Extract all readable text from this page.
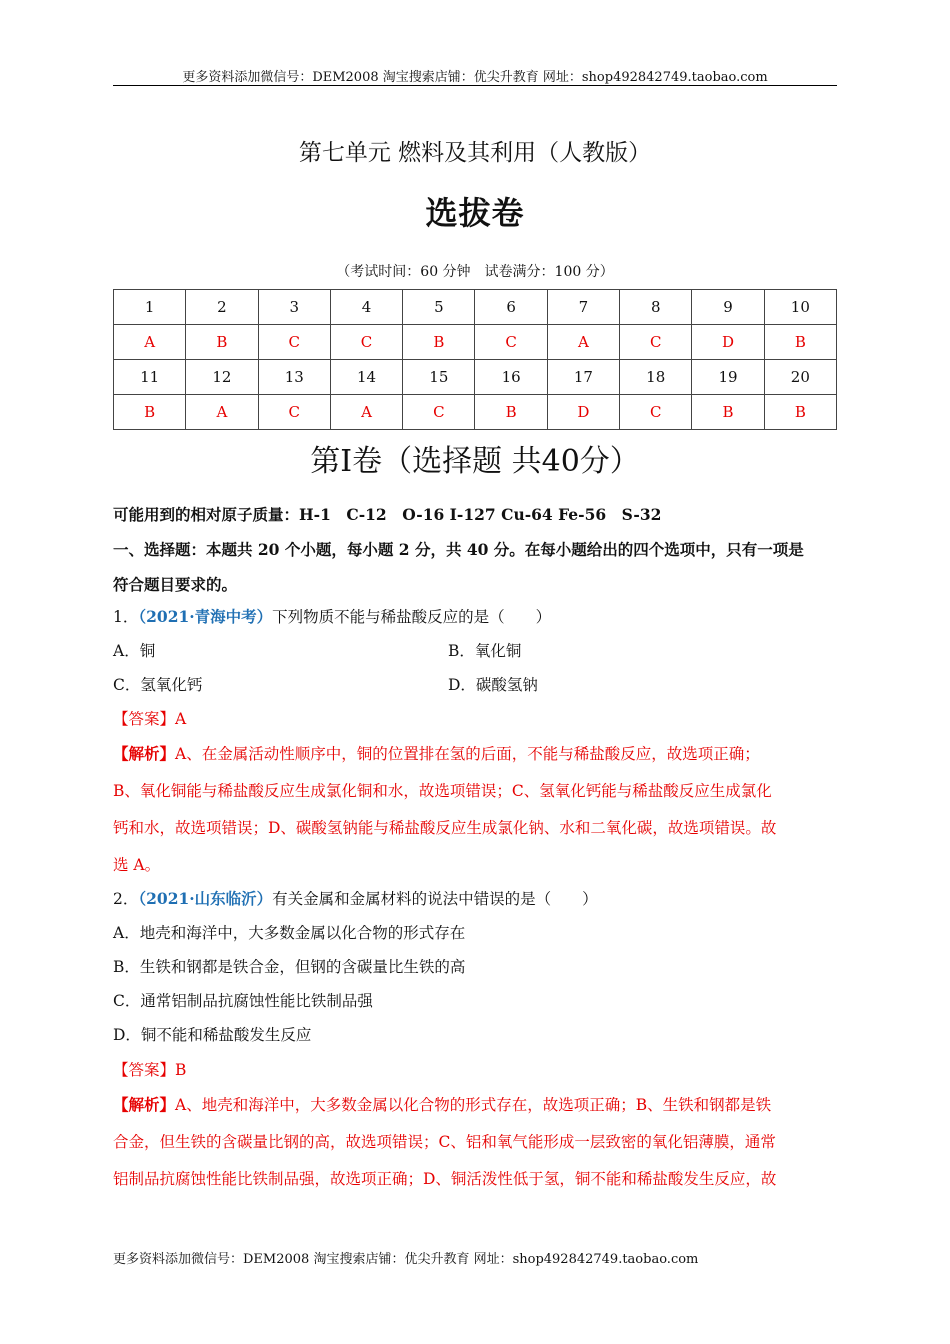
更多资料添加微信号：DEM2008 淘宝搜索店铺：优尖升教育 网址：shop492842749.taobao.com
第七单元 燃料及其利用（人教版）
选拔卷
（考试时间：60 分钟　试卷满分：100 分）
1	2	3	4	5	6	7	8	9	10
A	B	C	C	B	C	A	C	D	B
11	12	13	14	15	16	17	18	19	20
B	A	C	A	C	B	D	C	B	B
第Ⅰ卷（选择题 共40分）
可能用到的相对原子质量：H-1　C-12　O-16 I-127 Cu-64 Fe-56　S-32
一、选择题：本题共 20 个小题，每小题 2 分，共 40 分。在每小题给出的四个选项中，只有一项是
符合题目要求的。
1．（2021·青海中考）下列物质不能与稀盐酸反应的是（　　）
A．铜	B．氧化铜
C．氢氧化钙	D．碳酸氢钠
【答案】A
【解析】A、在金属活动性顺序中，铜的位置排在氢的后面，不能与稀盐酸反应，故选项正确；
B、氧化铜能与稀盐酸反应生成氯化铜和水，故选项错误；C、氢氧化钙能与稀盐酸反应生成氯化
钙和水，故选项错误；D、碳酸氢钠能与稀盐酸反应生成氯化钠、水和二氧化碳，故选项错误。故
选 A。
2．（2021·山东临沂）有关金属和金属材料的说法中错误的是（　　）
A．地壳和海洋中，大多数金属以化合物的形式存在
B．生铁和钢都是铁合金，但钢的含碳量比生铁的高
C．通常铝制品抗腐蚀性能比铁制品强
D．铜不能和稀盐酸发生反应
【答案】B
【解析】A、地壳和海洋中，大多数金属以化合物的形式存在，故选项正确；B、生铁和钢都是铁
合金，但生铁的含碳量比钢的高，故选项错误；C、铝和氧气能形成一层致密的氧化铝薄膜，通常
铝制品抗腐蚀性能比铁制品强，故选项正确；D、铜活泼性低于氢，铜不能和稀盐酸发生反应，故
更多资料添加微信号：DEM2008 淘宝搜索店铺：优尖升教育 网址：shop492842749.taobao.com
